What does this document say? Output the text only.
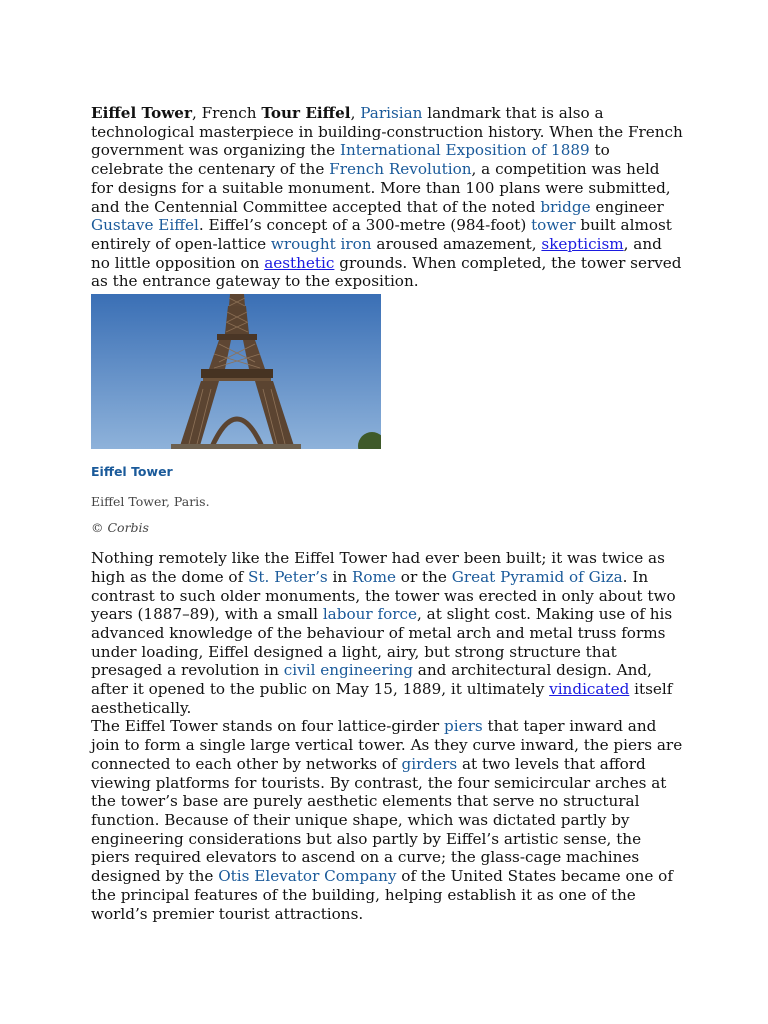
Eiffel Tower, French Tour Eiffel, Parisian landmark that is also a technological masterpiece in building-construction history. When the French government was organizing the International Exposition of 1889 to celebrate the centenary of the French Revolution, a competition was held for designs for a suitable monument. More than 100 plans were submitted, and the Centennial Committee accepted that of the noted bridge engineer Gustave Eiffel. Eiffel’s concept of a 300-metre (984-foot) tower built almost entirely of open-lattice wrought iron aroused amazement, skepticism, and no little opposition on aesthetic grounds. When completed, the tower served as the entrance gateway to the exposition.

Eiffel Tower
Eiffel Tower, Paris.
© Corbis

Nothing remotely like the Eiffel Tower had ever been built; it was twice as high as the dome of St. Peter’s in Rome or the Great Pyramid of Giza. In contrast to such older monuments, the tower was erected in only about two years (1887–89), with a small labour force, at slight cost. Making use of his advanced knowledge of the behaviour of metal arch and metal truss forms under loading, Eiffel designed a light, airy, but strong structure that presaged a revolution in civil engineering and architectural design. And, after it opened to the public on May 15, 1889, it ultimately vindicated itself aesthetically.

The Eiffel Tower stands on four lattice-girder piers that taper inward and join to form a single large vertical tower. As they curve inward, the piers are connected to each other by networks of girders at two levels that afford viewing platforms for tourists. By contrast, the four semicircular arches at the tower’s base are purely aesthetic elements that serve no structural function. Because of their unique shape, which was dictated partly by engineering considerations but also partly by Eiffel’s artistic sense, the piers required elevators to ascend on a curve; the glass-cage machines designed by the Otis Elevator Company of the United States became one of the principal features of the building, helping establish it as one of the world’s premier tourist attractions.
